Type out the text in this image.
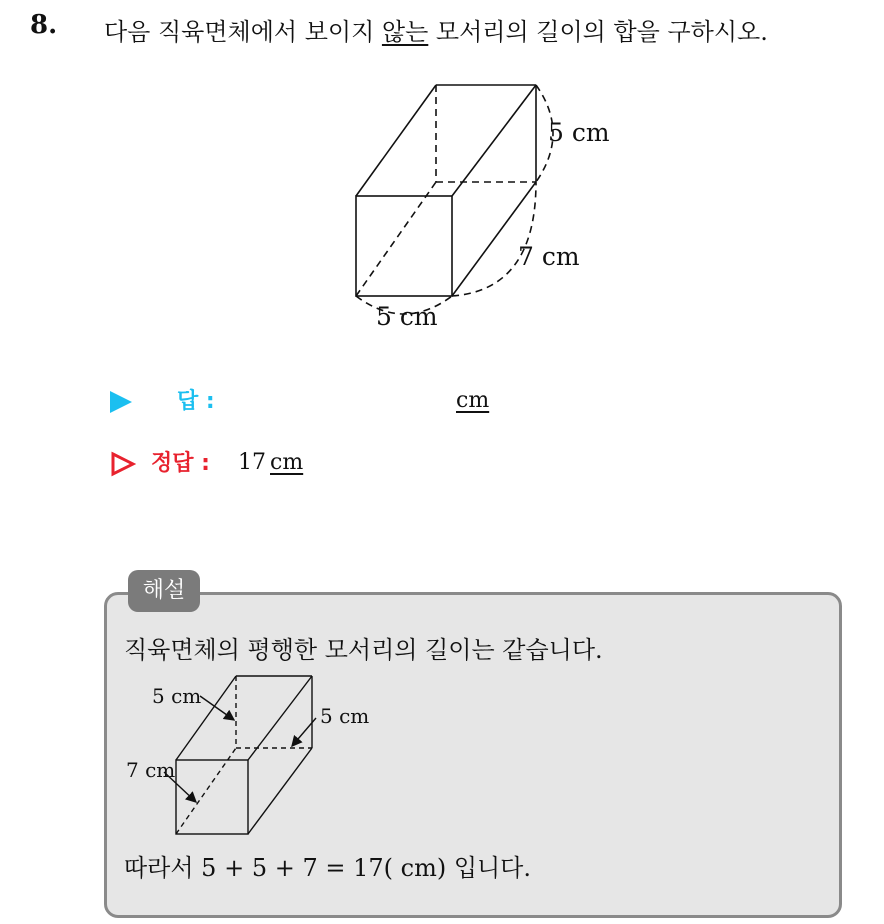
8. 다음 직육면체에서 보이지 않는 모서리의 길이의 합을 구하시오.
5 cm
7 cm
5 cm
답 :	cm
정답 : 17 cm
해설
직육면체의 평행한 모서리의 길이는 같습니다.
5 cm
5 cm
7 cm
따라서 5 + 5 + 7 = 17( cm) 입니다.
